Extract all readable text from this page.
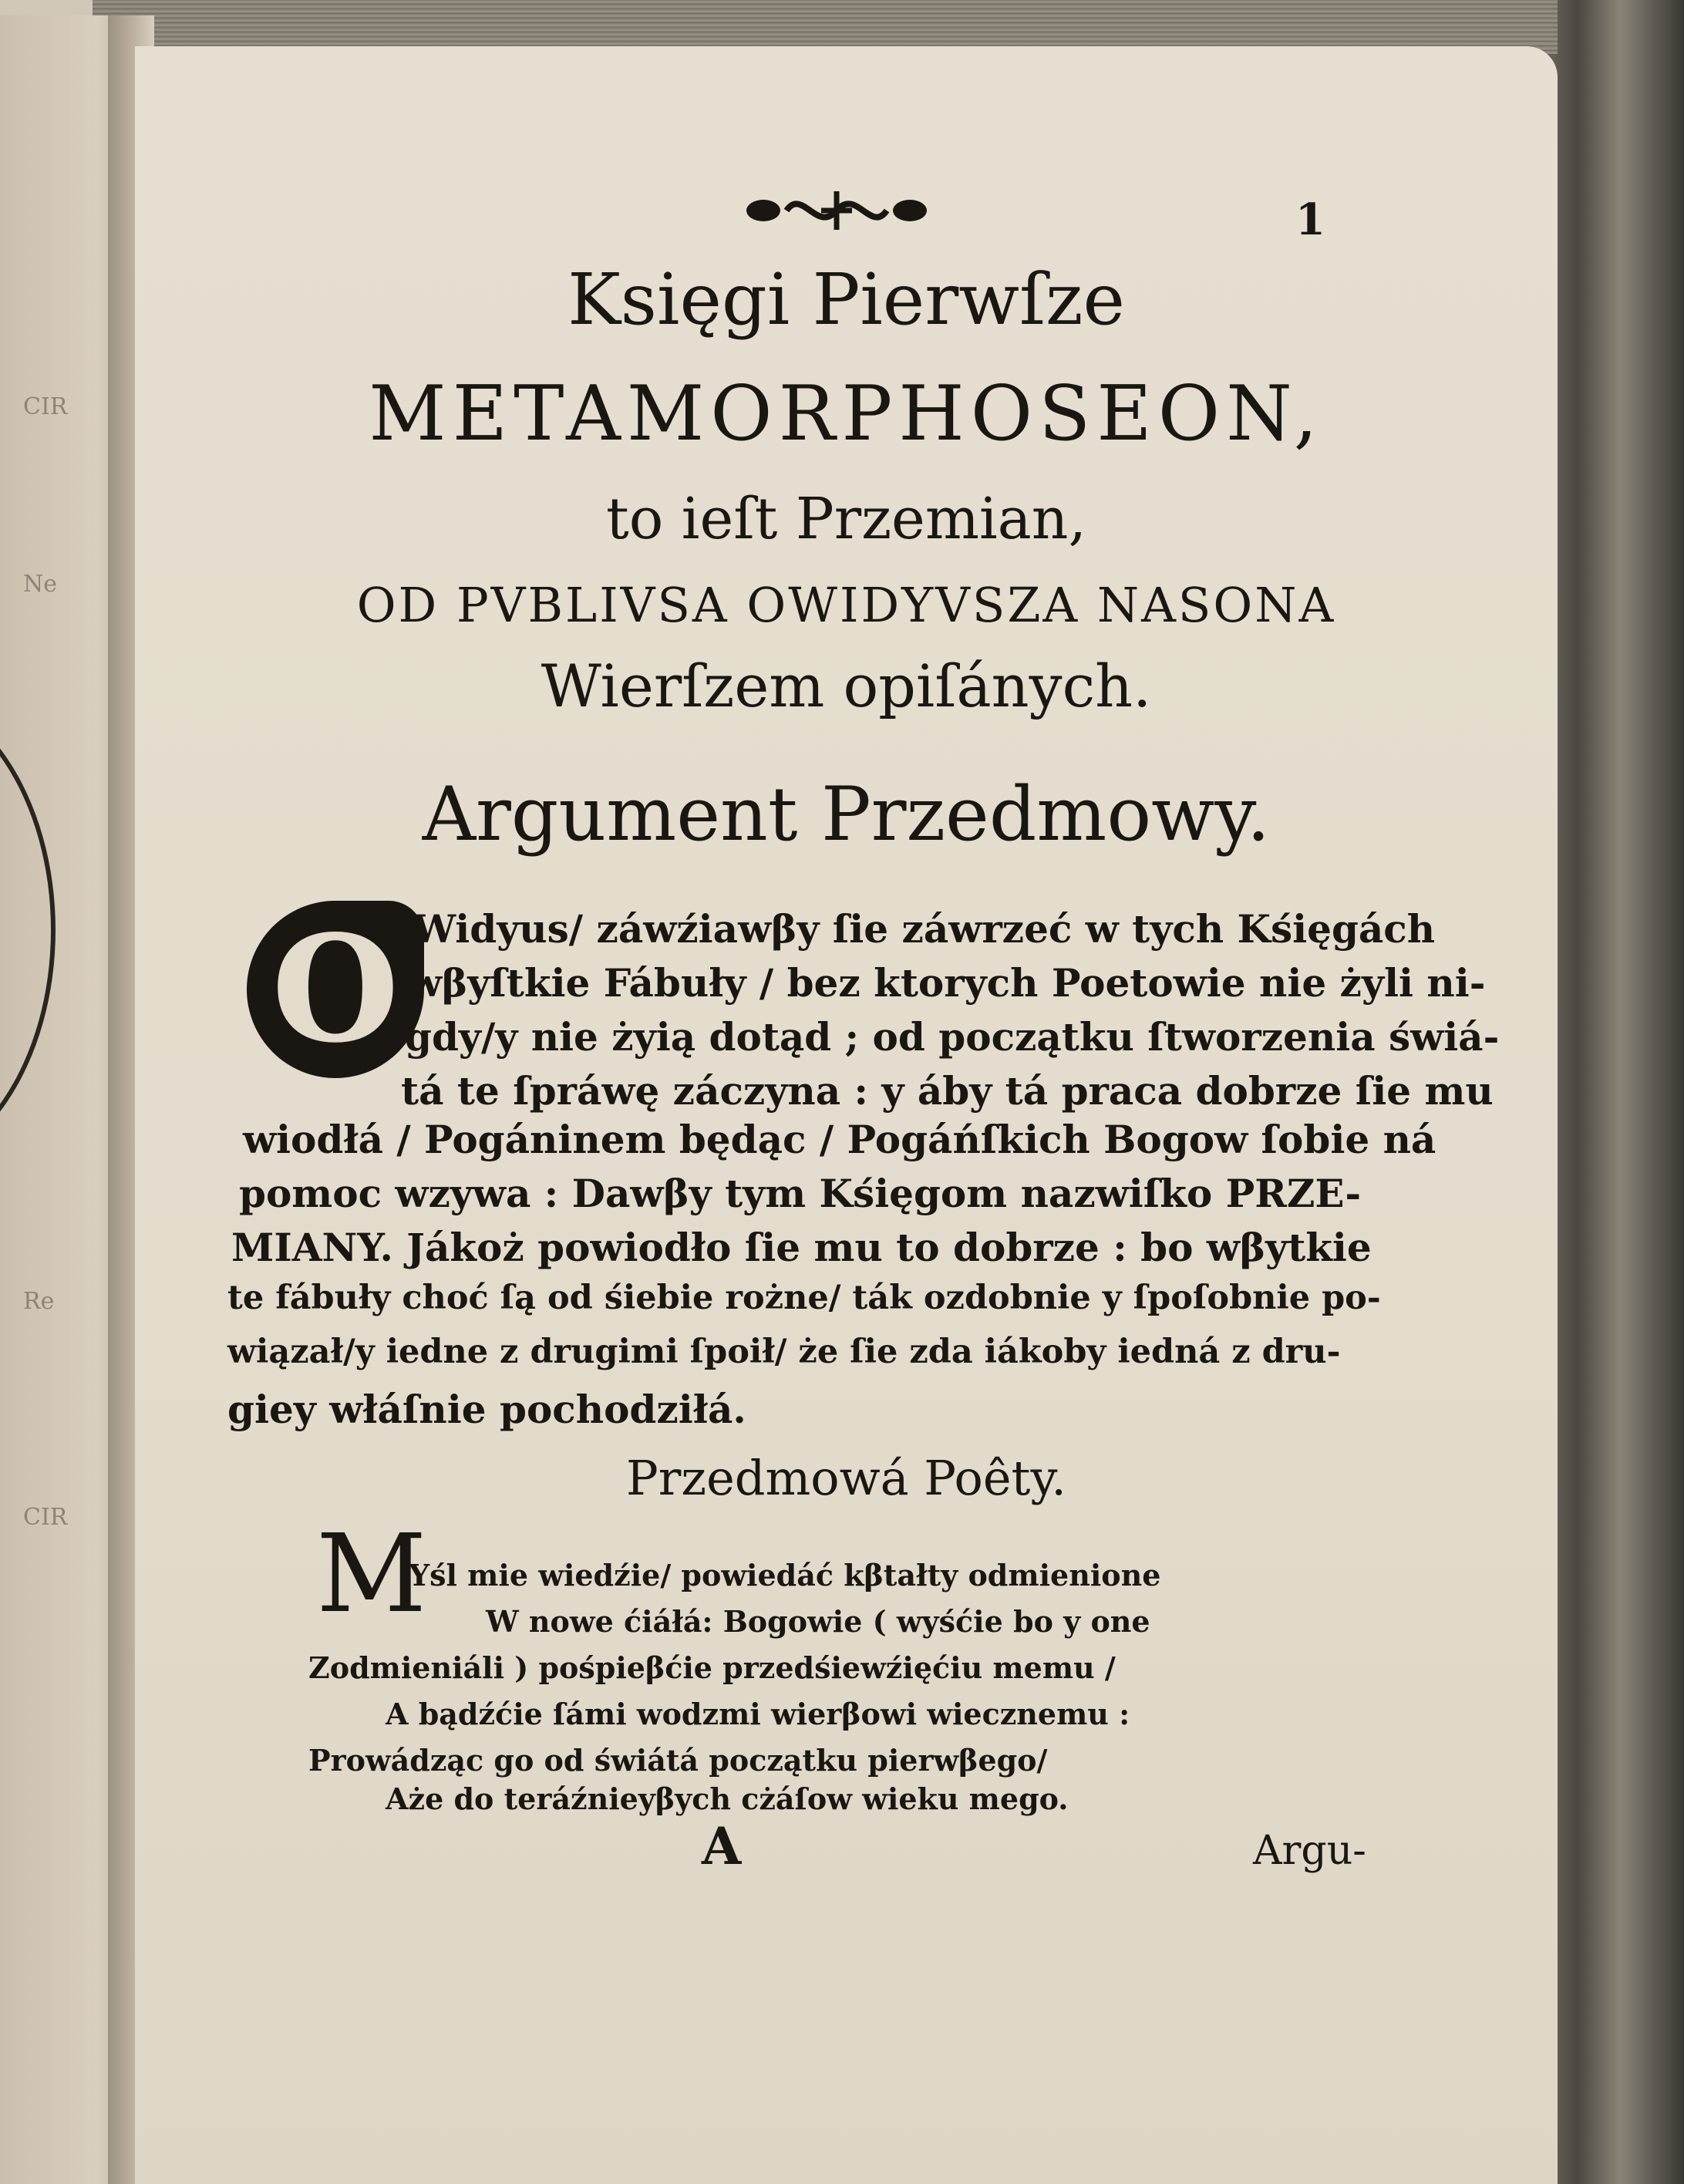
CIR
Ne
Re
CIR
1
Księgi Pierwſze
METAMORPHOSEON,
to ieſt Przemian,
OD PVBLIVSA OWIDYVSZA NASONA
Wierſzem opiſánych.
Argument Przedmowy.
O Widyus/ záwźiawβy ſie záwrzeć w tych Kśięgách
wβyſtkie Fábuły / bez ktorych Poetowie nie żyli ni-
gdy/y nie żyią dotąd ; od początku ſtworzenia świá-
tá te ſpráwę záczyna : y áby tá praca dobrze ſie mu
wiodłá / Pogáninem będąc / Pogáńſkich Bogow ſobie ná
pomoc wzywa : Dawβy tym Kśięgom nazwiſko PRZE-
MIANY. Jákoż powiodło ſie mu to dobrze : bo wβytkie
te fábuły choć ſą od śiebie rożne/ ták ozdobnie y ſpoſobnie po-
wiązał/y iedne z drugimi ſpoił/ że ſie zda iákoby iedná z dru-
giey włáſnie pochodziłá.
Przedmowá Poêty.
M
Yśl mie wiedźie/ powiedáć kβtałty odmienione
W nowe ćiáłá: Bogowie ( wyśćie bo y one
Zodmieniáli ) pośpieβćie przedśiewźięćiu memu /
A bądźćie ſámi wodzmi wierβowi wiecznemu :
Prowádząc go od świátá początku pierwβego/
Aże do teráźnieyβych cżáſow wieku mego.
A	Argu-
